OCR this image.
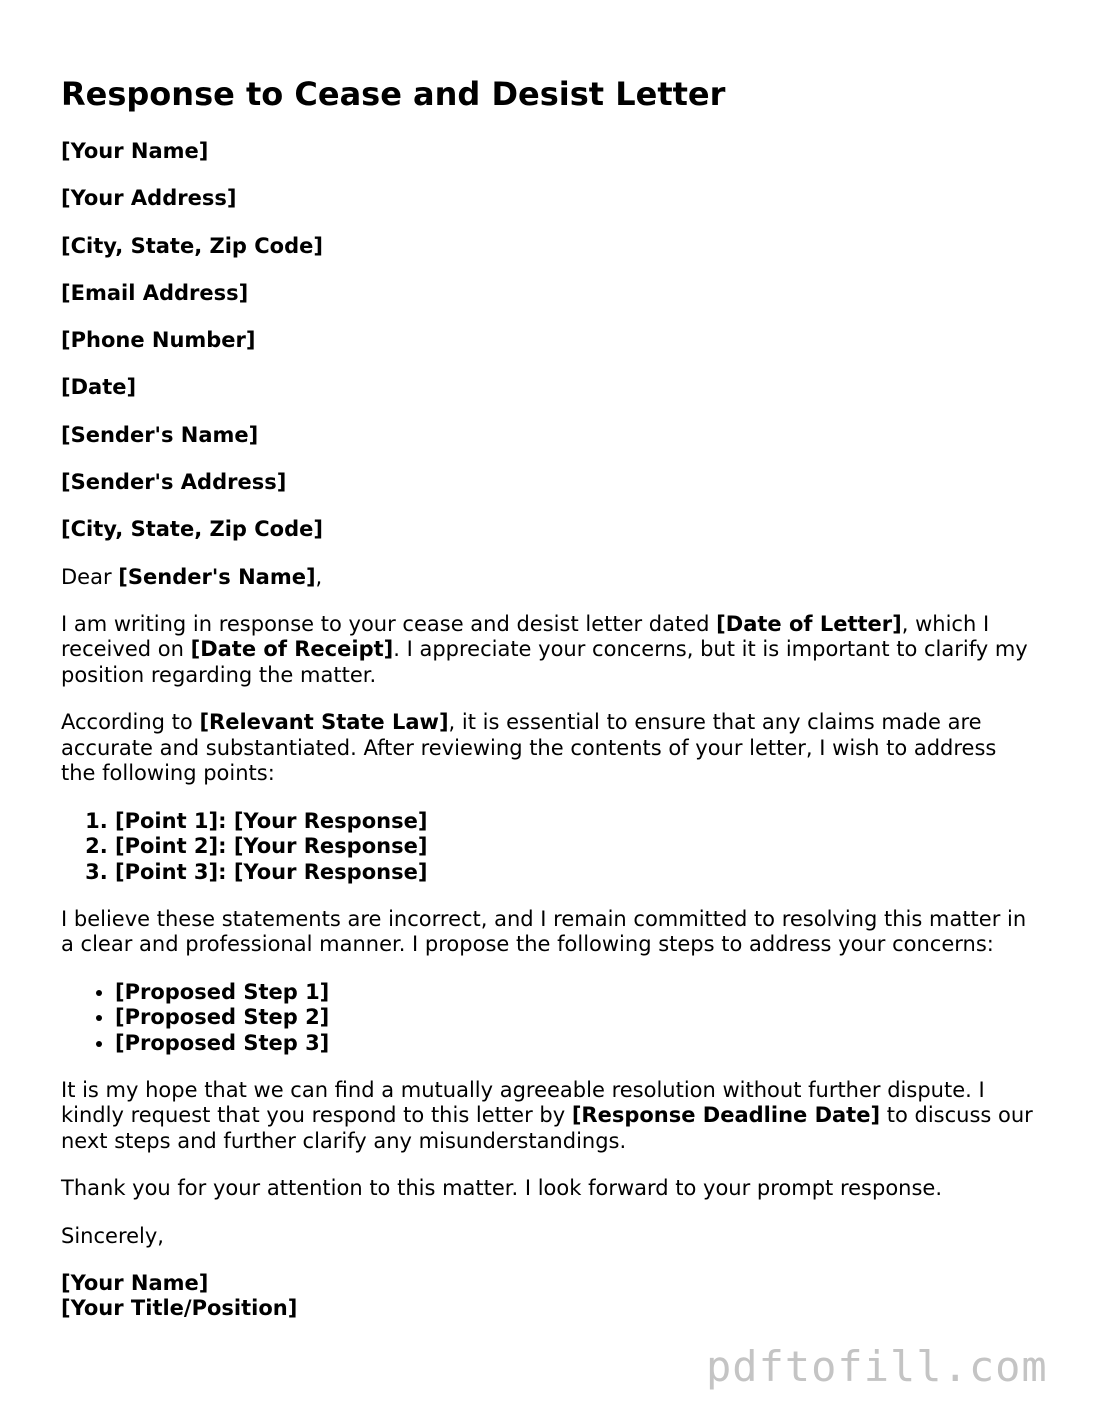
Response to Cease and Desist Letter

[Your Name]

[Your Address]

[City, State, Zip Code]

[Email Address]

[Phone Number]

[Date]

[Sender's Name]

[Sender's Address]

[City, State, Zip Code]

Dear [Sender's Name],

I am writing in response to your cease and desist letter dated [Date of Letter], which I received on [Date of Receipt]. I appreciate your concerns, but it is important to clarify my position regarding the matter.

According to [Relevant State Law], it is essential to ensure that any claims made are accurate and substantiated. After reviewing the contents of your letter, I wish to address the following points:

1. [Point 1]: [Your Response]
2. [Point 2]: [Your Response]
3. [Point 3]: [Your Response]

I believe these statements are incorrect, and I remain committed to resolving this matter in a clear and professional manner. I propose the following steps to address your concerns:

• [Proposed Step 1]
• [Proposed Step 2]
• [Proposed Step 3]

It is my hope that we can find a mutually agreeable resolution without further dispute. I kindly request that you respond to this letter by [Response Deadline Date] to discuss our next steps and further clarify any misunderstandings.

Thank you for your attention to this matter. I look forward to your prompt response.

Sincerely,

[Your Name]
[Your Title/Position]
pdftofill.com
